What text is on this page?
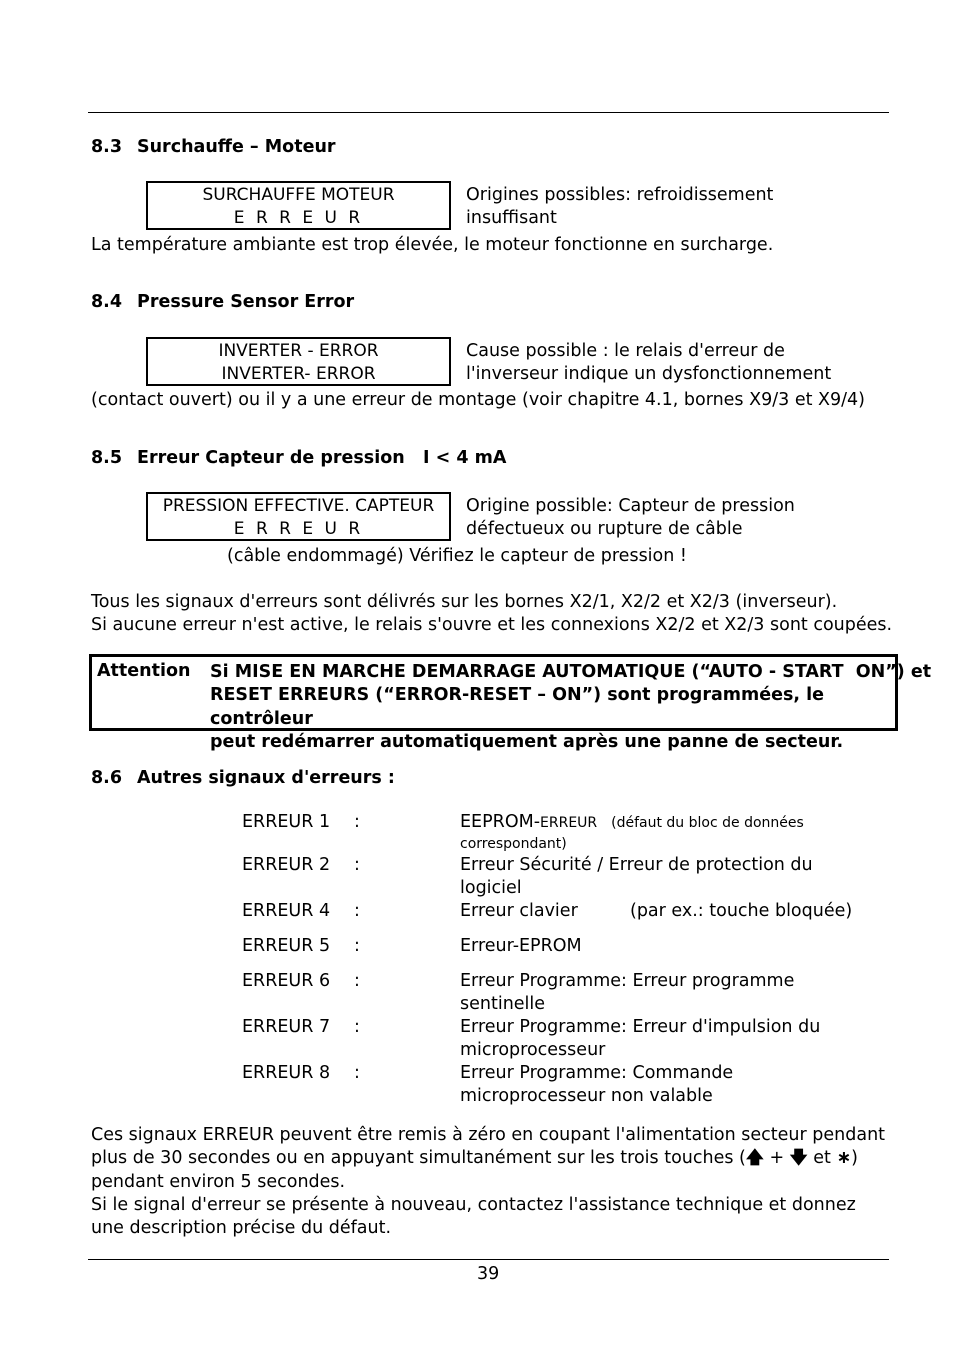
8.3 Surchauffe – Moteur
SURCHAUFFE MOTEUR
E R R E U R
Origines possibles: refroidissement
insuffisant
La température ambiante est trop élevée, le moteur fonctionne en surcharge.
8.4 Pressure Sensor Error
INVERTER - ERROR
INVERTER- ERROR
Cause possible : le relais d'erreur de
l'inverseur indique un dysfonctionnement
(contact ouvert) ou il y a une erreur de montage (voir chapitre 4.1, bornes X9/3 et X9/4)
8.5 Erreur Capteur de pression   I < 4 mA
PRESSION EFFECTIVE. CAPTEUR
E R R E U R
Origine possible: Capteur de pression
défectueux ou rupture de câble
(câble endommagé) Vérifiez le capteur de pression !
Tous les signaux d'erreurs sont délivrés sur les bornes X2/1, X2/2 et X2/3 (inverseur).
Si aucune erreur n'est active, le relais s'ouvre et les connexions X2/2 et X2/3 sont coupées.
Attention Si MISE EN MARCHE DEMARRAGE AUTOMATIQUE (“AUTO - START  ON”) et
RESET ERREURS (“ERROR-RESET – ON”) sont programmées, le contrôleur
peut redémarrer automatiquement après une panne de secteur.
8.6 Autres signaux d'erreurs :
ERREUR 1 :	EEPROM-ERREUR (défaut du bloc de données
correspondant)
ERREUR 2 :	Erreur Sécurité / Erreur de protection du
logiciel
ERREUR 4 :	Erreur clavier	(par ex.: touche bloquée)
ERREUR 5 :	Erreur-EPROM
ERREUR 6 :	Erreur Programme: Erreur programme
sentinelle
ERREUR 7 :	Erreur Programme: Erreur d'impulsion du
microprocesseur
ERREUR 8 :	Erreur Programme: Commande
microprocesseur non valable
Ces signaux ERREUR peuvent être remis à zéro en coupant l'alimentation secteur pendant
plus de 30 secondes ou en appuyant simultanément sur les trois touches (🡅 + 🡇 et ∗)
pendant environ 5 secondes.
Si le signal d'erreur se présente à nouveau, contactez l'assistance technique et donnez
une description précise du défaut.
39
